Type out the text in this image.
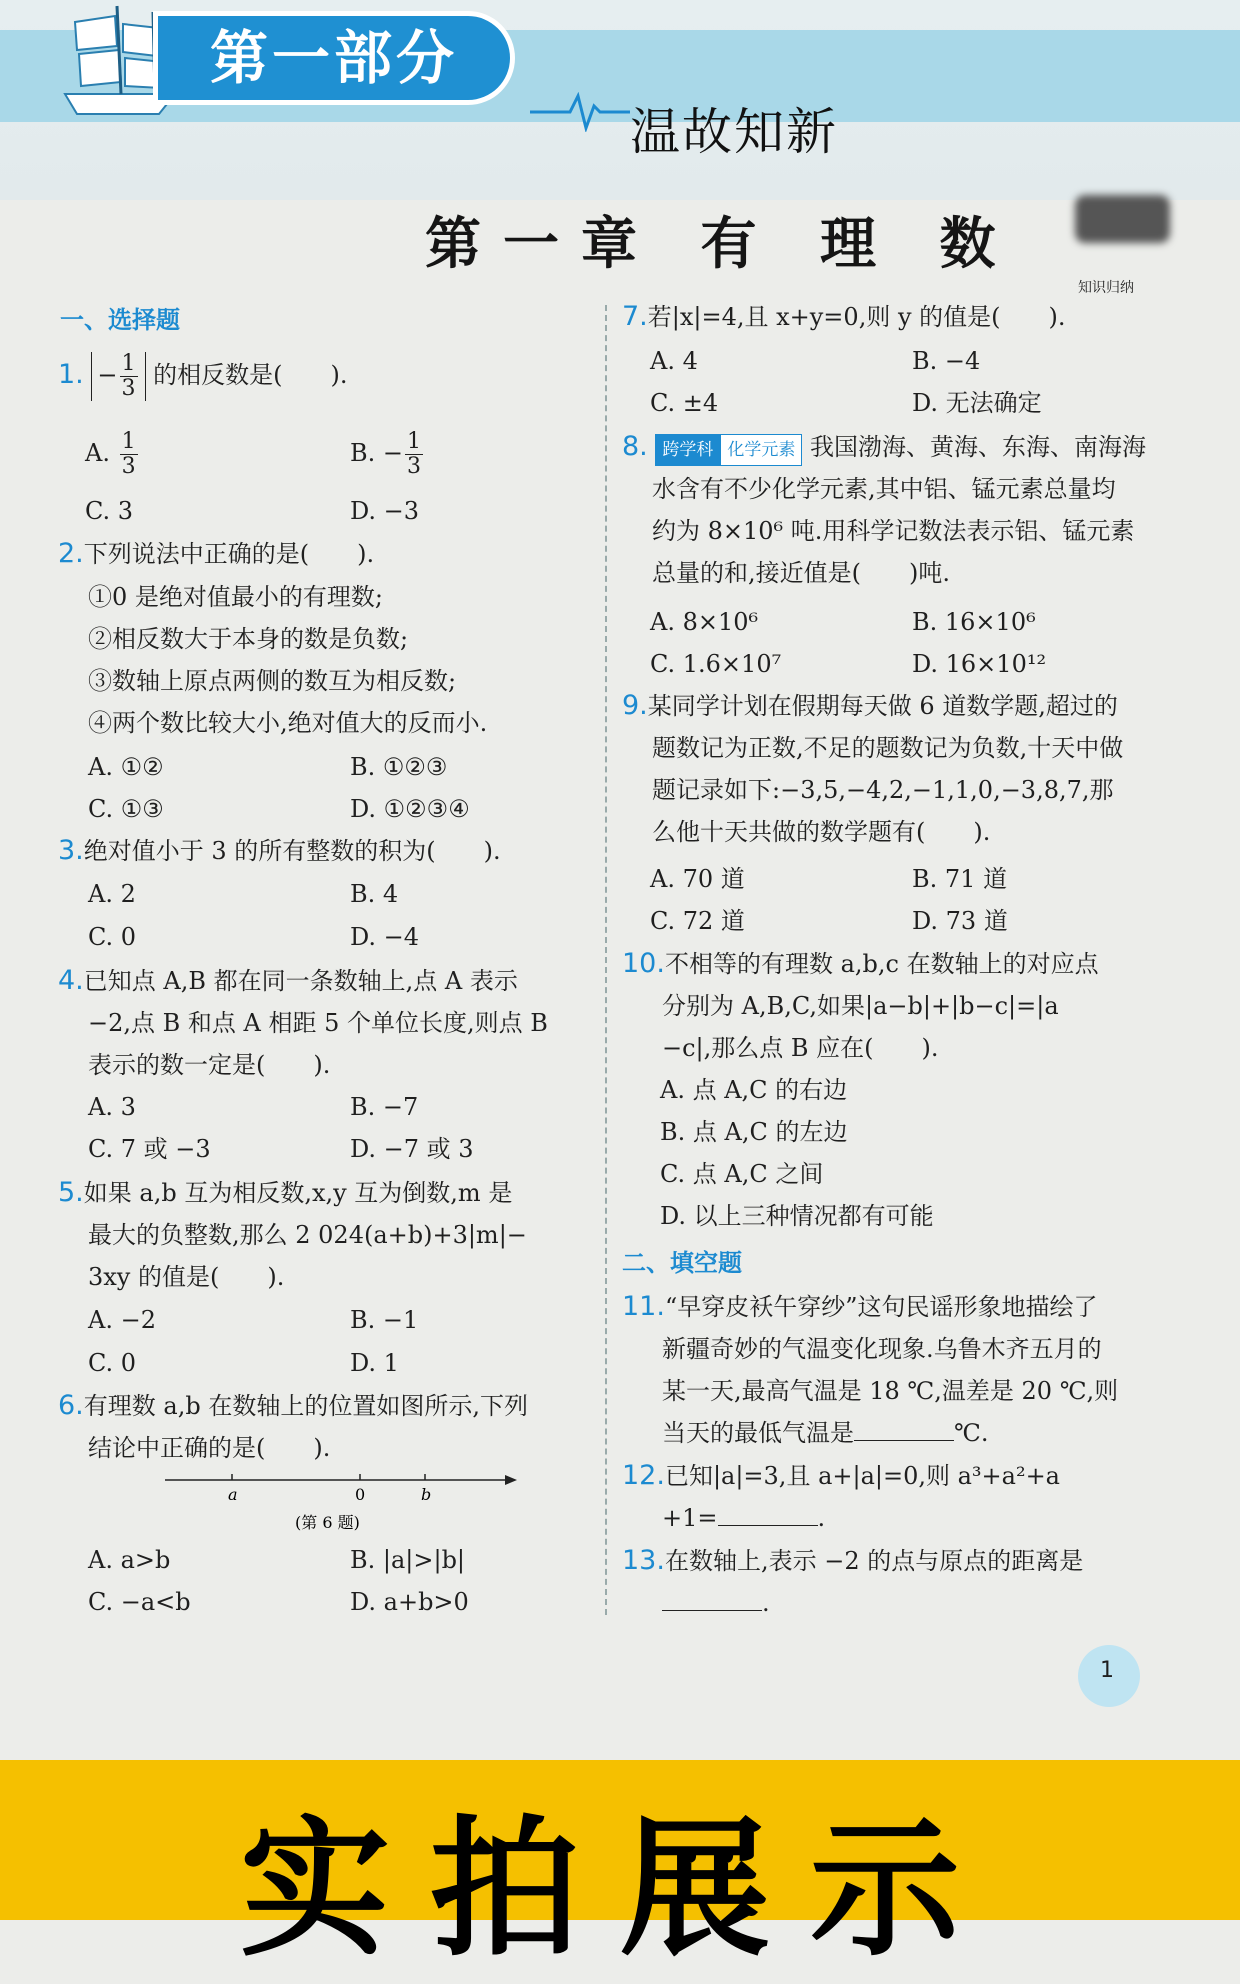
第一部分
温故知新
第一章 有 理 数
知识归纳
一、选择题
1. − $\frac{1}{3}$ 的相反数是(　　).
A. $\frac{1}{3}$	B. − $\frac{1}{3}$
C. 3	D. −3
2.下列说法中正确的是(　　).
①0 是绝对值最小的有理数;
②相反数大于本身的数是负数;
③数轴上原点两侧的数互为相反数;
④两个数比较大小,绝对值大的反而小.
A. ①②	B. ①②③
C. ①③	D. ①②③④
3.绝对值小于 3 的所有整数的积为(　　).
A. 2	B. 4
C. 0	D. −4
4.已知点 A,B 都在同一条数轴上,点 A 表示
−2,点 B 和点 A 相距 5 个单位长度,则点 B
表示的数一定是(　　).
A. 3	B. −7
C. 7 或 −3	D. −7 或 3
5.如果 a,b 互为相反数,x,y 互为倒数,m 是
最大的负整数,那么 2 024(a+b)+3|m|−
3xy 的值是(　　).
A. −2	B. −1
C. 0	D. 1
6.有理数 a,b 在数轴上的位置如图所示,下列
结论中正确的是(　　).
a	0	b
(第 6 题)
A. a>b	B. |a|>|b|
C. −a<b	D. a+b>0
7.若|x|=4,且 x+y=0,则 y 的值是(　　).
A. 4	B. −4
C. ±4	D. 无法确定
8. 跨学科 化学元素 我国渤海、黄海、东海、南海海
水含有不少化学元素,其中铝、锰元素总量均
约为 8×10⁶ 吨.用科学记数法表示铝、锰元素
总量的和,接近值是(　　)吨.
A. 8×10⁶	B. 16×10⁶
C. 1.6×10⁷	D. 16×10¹²
9.某同学计划在假期每天做 6 道数学题,超过的
题数记为正数,不足的题数记为负数,十天中做
题记录如下:−3,5,−4,2,−1,1,0,−3,8,7,那
么他十天共做的数学题有(　　).
A. 70 道	B. 71 道
C. 72 道	D. 73 道
10.不相等的有理数 a,b,c 在数轴上的对应点
分别为 A,B,C,如果|a−b|+|b−c|=|a
−c|,那么点 B 应在(　　).
A. 点 A,C 的右边
B. 点 A,C 的左边
C. 点 A,C 之间
D. 以上三种情况都有可能
二、填空题
11.“早穿皮袄午穿纱”这句民谣形象地描绘了
新疆奇妙的气温变化现象.乌鲁木齐五月的
某一天,最高气温是 18 ℃,温差是 20 ℃,则
当天的最低气温是	℃.
12.已知|a|=3,且 a+|a|=0,则 a³+a²+a
+1=	.
13.在数轴上,表示 −2 的点与原点的距离是
.
1
实拍展示
